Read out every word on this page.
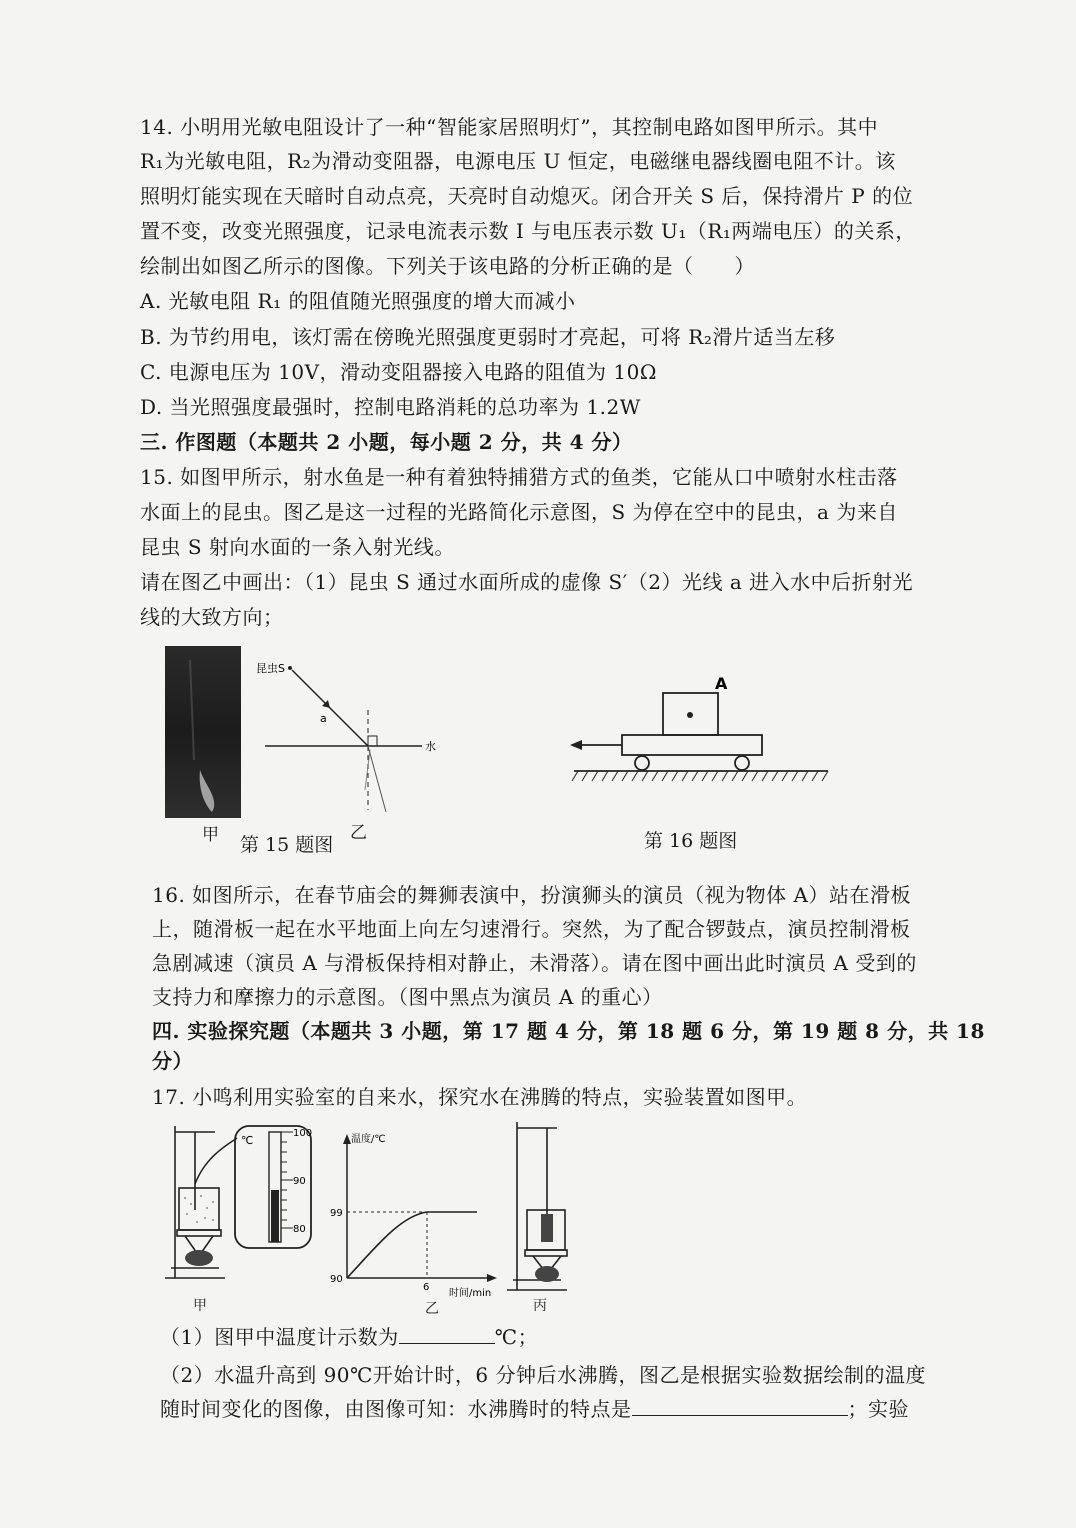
14. 小明用光敏电阻设计了一种“智能家居照明灯”，其控制电路如图甲所示。其中
R₁为光敏电阻，R₂为滑动变阻器，电源电压 U 恒定，电磁继电器线圈电阻不计。该
照明灯能实现在天暗时自动点亮，天亮时自动熄灭。闭合开关 S 后，保持滑片 P 的位
置不变，改变光照强度，记录电流表示数 I 与电压表示数 U₁（R₁两端电压）的关系，
绘制出如图乙所示的图像。下列关于该电路的分析正确的是（　　）
A. 光敏电阻 R₁ 的阻值随光照强度的增大而减小
B. 为节约用电，该灯需在傍晚光照强度更弱时才亮起，可将 R₂滑片适当左移
C. 电源电压为 10V，滑动变阻器接入电路的阻值为 10Ω
D. 当光照强度最强时，控制电路消耗的总功率为 1.2W
三. 作图题（本题共 2 小题，每小题 2 分，共 4 分）
15. 如图甲所示，射水鱼是一种有着独特捕猎方式的鱼类，它能从口中喷射水柱击落
水面上的昆虫。图乙是这一过程的光路简化示意图，S 为停在空中的昆虫，a 为来自
昆虫 S 射向水面的一条入射光线。
请在图乙中画出：（1）昆虫 S 通过水面所成的虚像 S′（2）光线 a 进入水中后折射光
线的大致方向；
昆虫S
a
水
甲	乙
第 15 题图
A
第 16 题图
16. 如图所示，在春节庙会的舞狮表演中，扮演狮头的演员（视为物体 A）站在滑板
上，随滑板一起在水平地面上向左匀速滑行。突然，为了配合锣鼓点，演员控制滑板
急剧减速（演员 A 与滑板保持相对静止，未滑落）。请在图中画出此时演员 A 受到的
支持力和摩擦力的示意图。（图中黑点为演员 A 的重心）
四. 实验探究题（本题共 3 小题，第 17 题 4 分，第 18 题 6 分，第 19 题 8 分，共 18
分）
17. 小鸣利用实验室的自来水，探究水在沸腾的特点，实验装置如图甲。
℃
100
90
80
温度/℃
99
90
6
时间/min
甲	乙	丙
（1）图甲中温度计示数为	℃；
（2）水温升高到 90℃开始计时，6 分钟后水沸腾，图乙是根据实验数据绘制的温度
随时间变化的图像，由图像可知：水沸腾时的特点是	；实验
